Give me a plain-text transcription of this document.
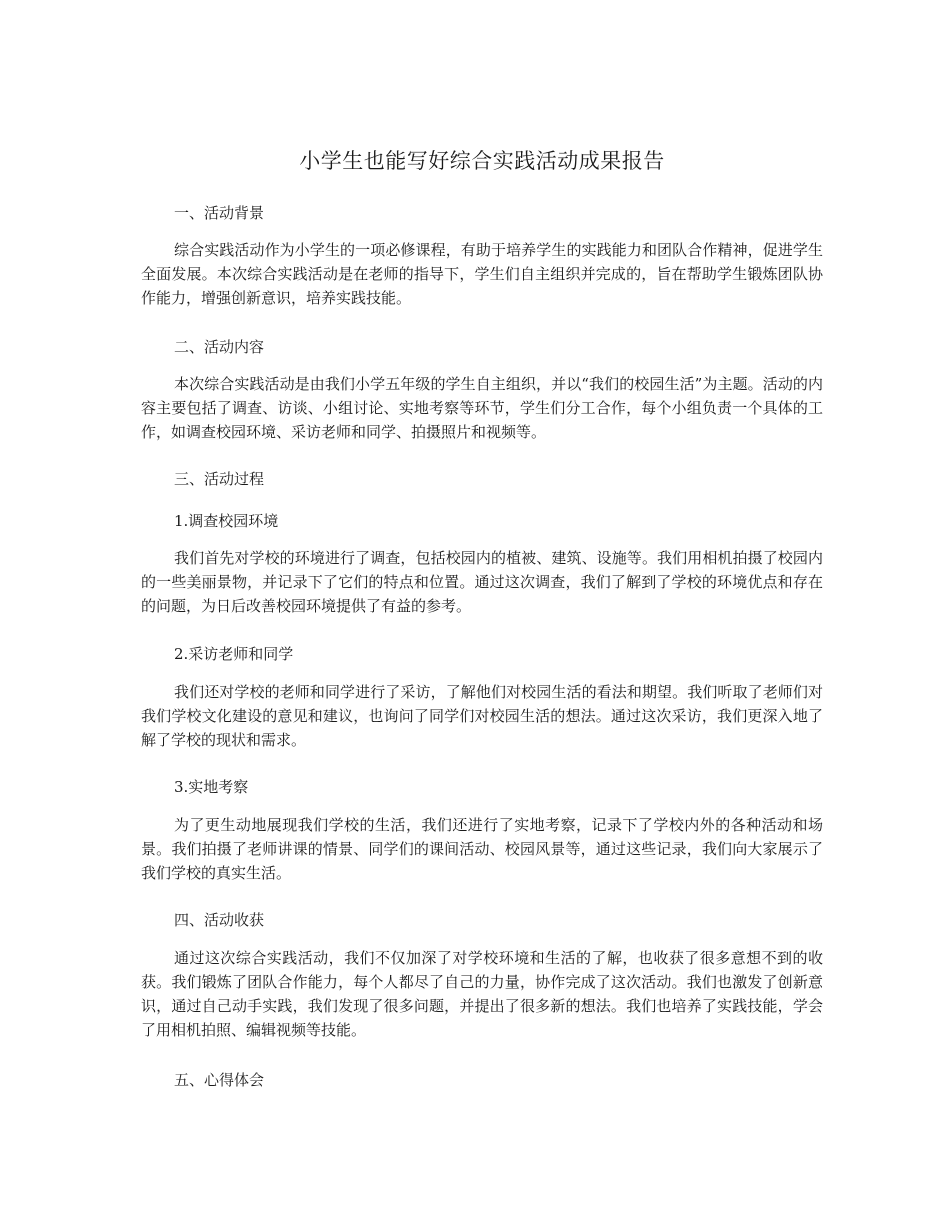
小学生也能写好综合实践活动成果报告
一、活动背景
综合实践活动作为小学生的一项必修课程，有助于培养学生的实践能力和团队合作精神，促进学生全面发展。本次综合实践活动是在老师的指导下，学生们自主组织并完成的，旨在帮助学生锻炼团队协作能力，增强创新意识，培养实践技能。
二、活动内容
本次综合实践活动是由我们小学五年级的学生自主组织，并以“我们的校园生活”为主题。活动的内容主要包括了调查、访谈、小组讨论、实地考察等环节，学生们分工合作，每个小组负责一个具体的工作，如调查校园环境、采访老师和同学、拍摄照片和视频等。
三、活动过程
1.调查校园环境
我们首先对学校的环境进行了调查，包括校园内的植被、建筑、设施等。我们用相机拍摄了校园内的一些美丽景物，并记录下了它们的特点和位置。通过这次调查，我们了解到了学校的环境优点和存在的问题，为日后改善校园环境提供了有益的参考。
2.采访老师和同学
我们还对学校的老师和同学进行了采访，了解他们对校园生活的看法和期望。我们听取了老师们对我们学校文化建设的意见和建议，也询问了同学们对校园生活的想法。通过这次采访，我们更深入地了解了学校的现状和需求。
3.实地考察
为了更生动地展现我们学校的生活，我们还进行了实地考察，记录下了学校内外的各种活动和场景。我们拍摄了老师讲课的情景、同学们的课间活动、校园风景等，通过这些记录，我们向大家展示了我们学校的真实生活。
四、活动收获
通过这次综合实践活动，我们不仅加深了对学校环境和生活的了解，也收获了很多意想不到的收获。我们锻炼了团队合作能力，每个人都尽了自己的力量，协作完成了这次活动。我们也激发了创新意识，通过自己动手实践，我们发现了很多问题，并提出了很多新的想法。我们也培养了实践技能，学会了用相机拍照、编辑视频等技能。
五、心得体会
